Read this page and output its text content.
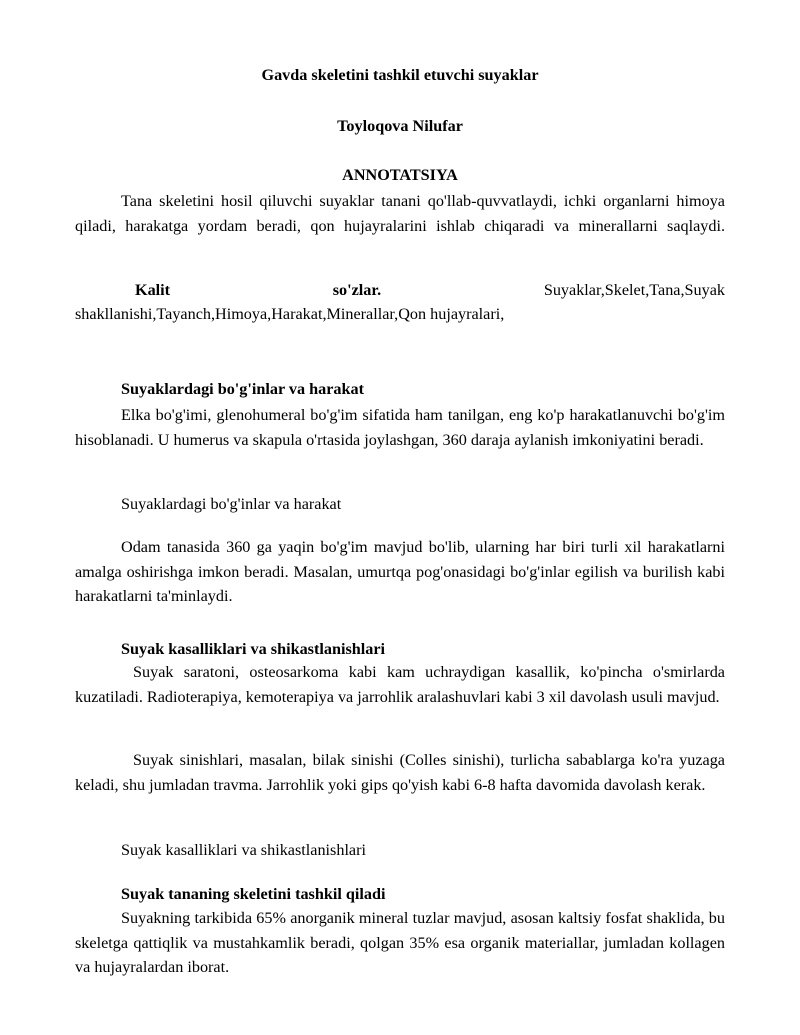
Gavda skeletini tashkil etuvchi suyaklar

Toyloqova Nilufar

ANNOTATSIYA

Tana skeletini hosil qiluvchi suyaklar tanani qo'llab-quvvatlaydi, ichki organlarni himoya qiladi, harakatga yordam beradi, qon hujayralarini ishlab chiqaradi va minerallarni saqlaydi.

Kalit	so'zlar.	Suyaklar,Skelet,Tana,Suyak

shakllanishi,Tayanch,Himoya,Harakat,Minerallar,Qon hujayralari,

Suyaklardagi bo'g'inlar va harakat

Elka bo'g'imi, glenohumeral bo'g'im sifatida ham tanilgan, eng ko'p harakatlanuvchi bo'g'im hisoblanadi. U humerus va skapula o'rtasida joylashgan, 360 daraja aylanish imkoniyatini beradi.

Suyaklardagi bo'g'inlar va harakat

Odam tanasida 360 ga yaqin bo'g'im mavjud bo'lib, ularning har biri turli xil harakatlarni amalga oshirishga imkon beradi. Masalan, umurtqa pog'onasidagi bo'g'inlar egilish va burilish kabi harakatlarni ta'minlaydi.

Suyak kasalliklari va shikastlanishlari

Suyak saratoni, osteosarkoma kabi kam uchraydigan kasallik, ko'pincha o'smirlarda kuzatiladi. Radioterapiya, kemoterapiya va jarrohlik aralashuvlari kabi 3 xil davolash usuli mavjud.

Suyak sinishlari, masalan, bilak sinishi (Colles sinishi), turlicha sabablarga ko'ra yuzaga keladi, shu jumladan travma. Jarrohlik yoki gips qo'yish kabi 6-8 hafta davomida davolash kerak.

Suyak kasalliklari va shikastlanishlari

Suyak tananing skeletini tashkil qiladi

Suyakning tarkibida 65% anorganik mineral tuzlar mavjud, asosan kaltsiy fosfat shaklida, bu skeletga qattiqlik va mustahkamlik beradi, qolgan 35% esa organik materiallar, jumladan kollagen va hujayralardan iborat.
